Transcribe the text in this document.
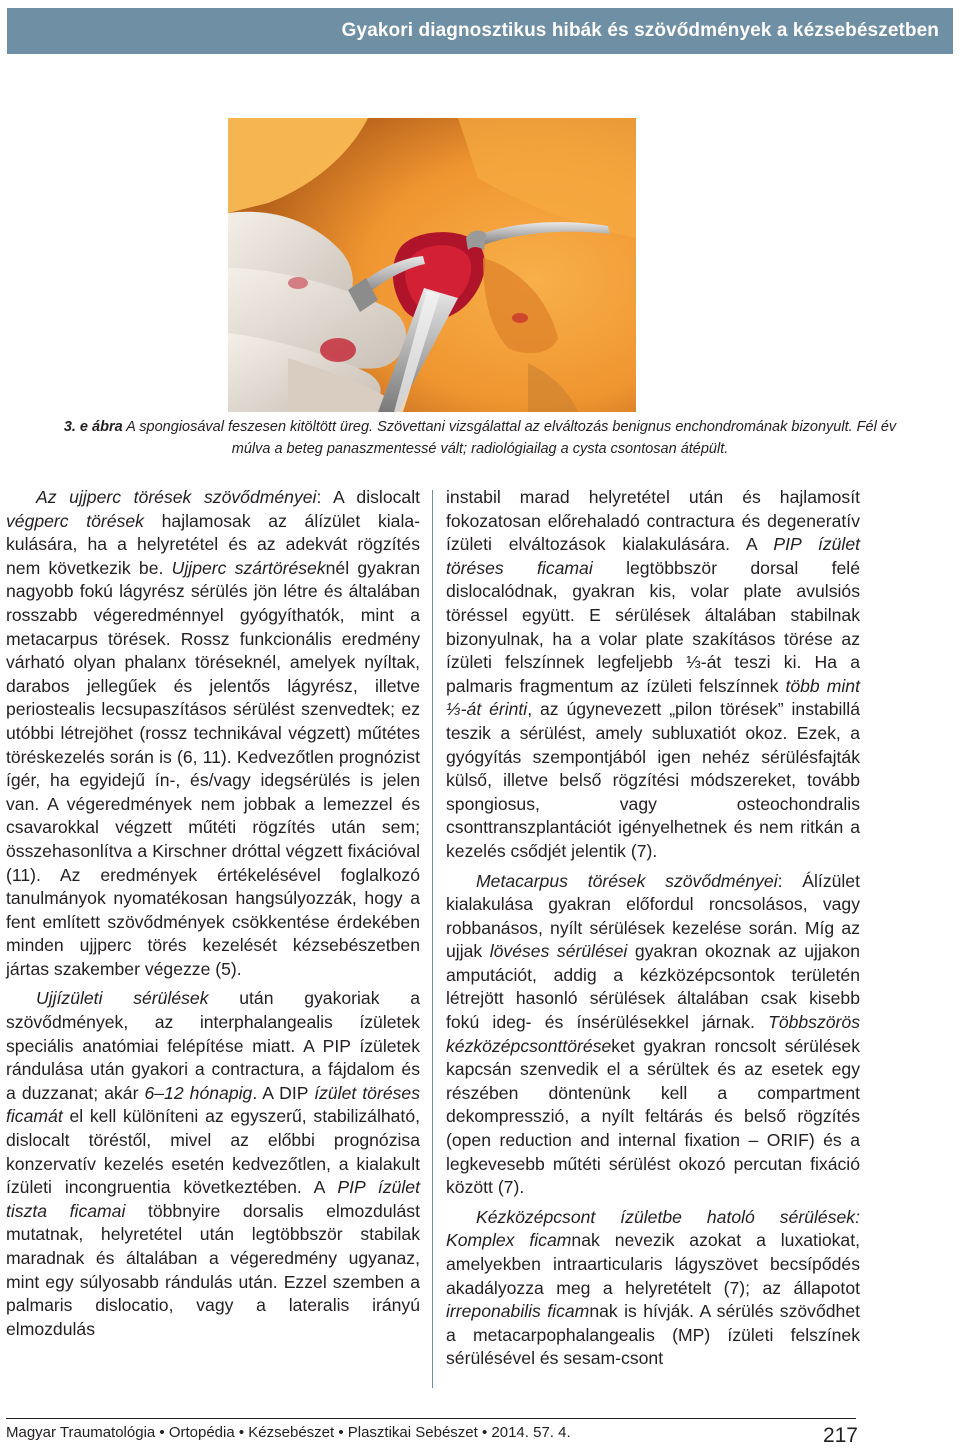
Gyakori diagnosztikus hibák és szövődmények a kézsebészetben
3. e ábra A spongiosával feszesen kitöltött üreg. Szövettani vizsgálattal az elváltozás benignus enchondromának bizonyult. Fél év
múlva a beteg panaszmentessé vált; radiológiailag a cysta csontosan átépült.

Az ujjperc törések szövődményei: A dislocalt végperc törések hajlamosak az álízület kiala-kulására, ha a helyretétel és az adekvát rögzítés nem következik be. Ujjperc szártöréseknél gyakran nagyobb fokú lágyrész sérülés jön létre és általában rosszabb végeredménnyel gyógyíthatók, mint a metacarpus törések. Rossz funkcionális eredmény várható olyan phalanx töréseknél, amelyek nyíltak, darabos jellegűek és jelentős lágyrész, illetve periostealis lecsupaszításos sérülést szenvedtek; ez utóbbi létrejöhet (rossz technikával végzett) műtétes töréskezelés során is (6, 11). Kedvezőtlen prognózist ígér, ha egyidejű ín-, és/vagy idegsérülés is jelen van. A végeredmények nem jobbak a lemezzel és csavarokkal végzett műtéti rögzítés után sem; összehasonlítva a Kirschner dróttal végzett fixációval (11). Az eredmények értékelésével foglalkozó tanulmányok nyomatékosan hangsúlyozzák, hogy a fent említett szövődmények csökkentése érdekében minden ujjperc törés kezelését kézsebészetben jártas szakember végezze (5).

Ujjízületi sérülések után gyakoriak a szövődmények, az interphalangealis ízületek speciális anatómiai felépítése miatt. A PIP ízületek rándulása után gyakori a contractura, a fájdalom és a duzzanat; akár 6–12 hónapig. A DIP ízület töréses ficamát el kell különíteni az egyszerű, stabilizálható, dislocalt töréstől, mivel az előbbi prognózisa konzervatív kezelés esetén kedvezőtlen, a kialakult ízületi incongruentia következtében. A PIP ízület tiszta ficamai többnyire dorsalis elmozdulást mutatnak, helyretétel után legtöbbször stabilak maradnak és általában a végeredmény ugyanaz, mint egy súlyosabb rándulás után. Ezzel szemben a palmaris dislocatio, vagy a lateralis irányú elmozdulás

instabil marad helyretétel után és hajlamosít fokozatosan előrehaladó contractura és degeneratív ízületi elváltozások kialakulására. A PIP ízület töréses ficamai legtöbbször dorsal felé dislocalódnak, gyakran kis, volar plate avulsiós töréssel együtt. E sérülések általában stabilnak bizonyulnak, ha a volar plate szakításos törése az ízületi felszínnek legfeljebb ⅓-át teszi ki. Ha a palmaris fragmentum az ízületi felszínnek több mint ⅓-át érinti, az úgynevezett „pilon törések” instabillá teszik a sérülést, amely subluxatiót okoz. Ezek, a gyógyítás szempontjából igen nehéz sérülésfajták külső, illetve belső rögzítési módszereket, tovább spongiosus, vagy osteochondralis csonttranszplantációt igényelhetnek és nem ritkán a kezelés csődjét jelentik (7).

Metacarpus törések szövődményei: Álízület kialakulása gyakran előfordul roncsolásos, vagy robbanásos, nyílt sérülések kezelése során. Míg az ujjak lövéses sérülései gyakran okoznak az ujjakon amputációt, addig a kézközépcsontok területén létrejött hasonló sérülések általában csak kisebb fokú ideg- és ínsérülésekkel járnak. Többszörös kézközépcsonttöréseket gyakran roncsolt sérülések kapcsán szenvedik el a sérültek és az esetek egy részében döntenünk kell a compartment dekompresszió, a nyílt feltárás és belső rögzítés (open reduction and internal fixation – ORIF) és a legkevesebb műtéti sérülést okozó percutan fixáció között (7).

Kézközépcsont ízületbe hatoló sérülések: Komplex ficamnak nevezik azokat a luxatiokat, amelyekben intraarticularis lágyszövet becsípődés akadályozza meg a helyretételt (7); az állapotot irreponabilis ficamnak is hívják. A sérülés szövődhet a metacarpophalangealis (MP) ízületi felszínek sérülésével és sesam-csont

Magyar Traumatológia • Ortopédia • Kézsebészet • Plasztikai Sebészet • 2014. 57. 4.	217
